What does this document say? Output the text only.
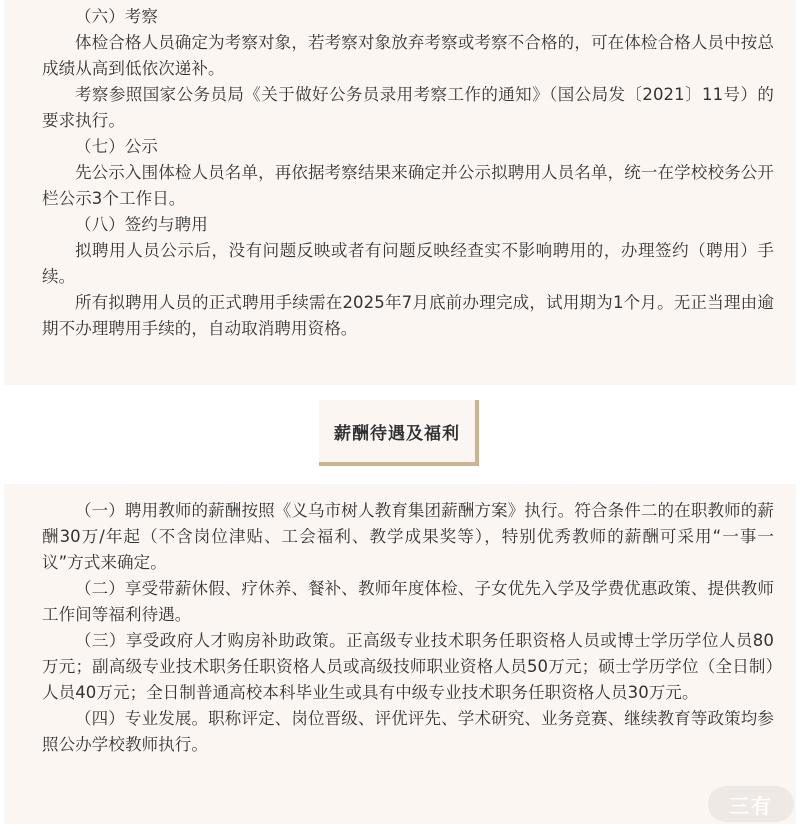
（六）考察

体检合格人员确定为考察对象，若考察对象放弃考察或考察不合格的，可在体检合格人员中按总成绩从高到低依次递补。

考察参照国家公务员局《关于做好公务员录用考察工作的通知》（国公局发〔2021〕11号）的要求执行。

（七）公示

先公示入围体检人员名单，再依据考察结果来确定并公示拟聘用人员名单，统一在学校校务公开栏公示3个工作日。

（八）签约与聘用

拟聘用人员公示后，没有问题反映或者有问题反映经查实不影响聘用的，办理签约（聘用）手续。

所有拟聘用人员的正式聘用手续需在2025年7月底前办理完成，试用期为1个月。无正当理由逾期不办理聘用手续的，自动取消聘用资格。

薪酬待遇及福利

（一）聘用教师的薪酬按照《义乌市树人教育集团薪酬方案》执行。符合条件二的在职教师的薪酬30万/年起（不含岗位津贴、工会福利、教学成果奖等），特别优秀教师的薪酬可采用“一事一议”方式来确定。

（二）享受带薪休假、疗休养、餐补、教师年度体检、子女优先入学及学费优惠政策、提供教师工作间等福利待遇。

（三）享受政府人才购房补助政策。正高级专业技术职务任职资格人员或博士学历学位人员80万元；副高级专业技术职务任职资格人员或高级技师职业资格人员50万元；硕士学历学位（全日制）人员40万元；全日制普通高校本科毕业生或具有中级专业技术职务任职资格人员30万元。

（四）专业发展。职称评定、岗位晋级、评优评先、学术研究、业务竞赛、继续教育等政策均参照公办学校教师执行。

三有
